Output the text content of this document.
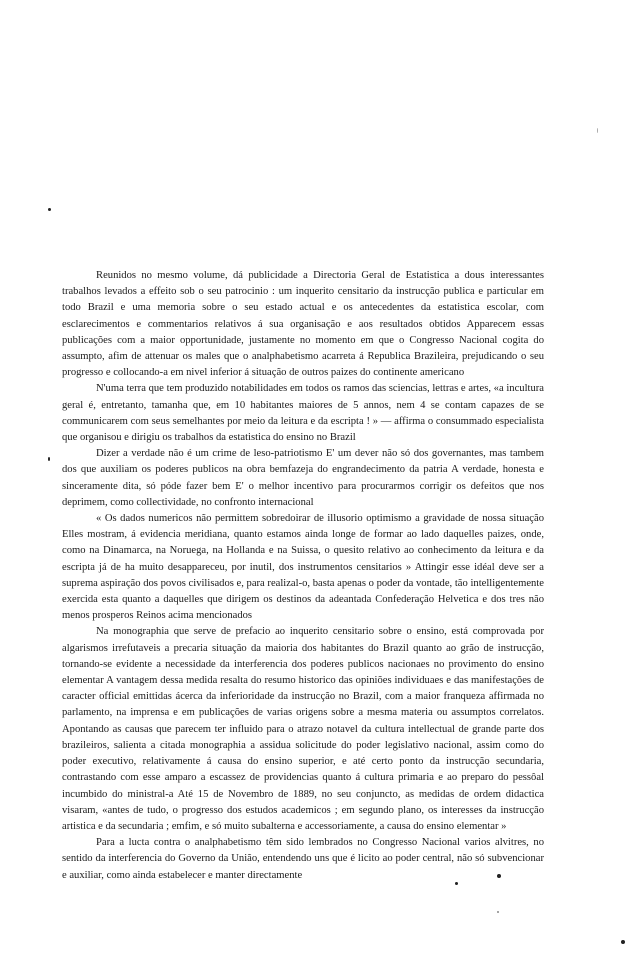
Reunidos no mesmo volume, dá publicidade a Directoria Geral de Estatistica a dous interessantes trabalhos levados a effeito sob o seu patrocinio : um inquerito censitario da instrucção publica e particular em todo Brazil e uma memoria sobre o seu estado actual e os antecedentes da estatistica escolar, com esclarecimentos e commentarios relativos á sua organisação e aos resultados obtidos Apparecem essas publicações com a maior opportunidade, justamente no momento em que o Congresso Nacional cogita do assumpto, afim de attenuar os males que o analphabetismo acarreta á Republica Brazileira, prejudicando o seu progresso e collocando-a em nivel inferior á situação de outros paizes do continente americano

N'uma terra que tem produzido notabilidades em todos os ramos das sciencias, lettras e artes, «a incultura geral é, entretanto, tamanha que, em 10 habitantes maiores de 5 annos, nem 4 se contam capazes de se communicarem com seus semelhantes por meio da leitura e da escripta ! » — affirma o consummado especialista que organisou e dirigiu os trabalhos da estatistica do ensino no Brazil

Dizer a verdade não é um crime de leso-patriotismo E' um dever não só dos governantes, mas tambem dos que auxiliam os poderes publicos na obra bemfazeja do engrandecimento da patria A verdade, honesta e sinceramente dita, só póde fazer bem E' o melhor incentivo para procurarmos corrigir os defeitos que nos deprimem, como collectividade, no confronto internacional

« Os dados numericos não permittem sobredoirar de illusorio optimismo a gravidade de nossa situação Elles mostram, á evidencia meridiana, quanto estamos ainda longe de formar ao lado daquelles paizes, onde, como na Dinamarca, na Noruega, na Hollanda e na Suissa, o quesito relativo ao conhecimento da leitura e da escripta já de ha muito desappareceu, por inutil, dos instrumentos censitarios » Attingir esse idéal deve ser a suprema aspiração dos povos civilisados e, para realizal-o, basta apenas o poder da vontade, tão intelligentemente exercida esta quanto a daquelles que dirigem os destinos da adeantada Confederação Helvetica e dos tres não menos prosperos Reinos acima mencionados

Na monographia que serve de prefacio ao inquerito censitario sobre o ensino, está comprovada por algarismos irrefutaveis a precaria situação da maioria dos habitantes do Brazil quanto ao grão de instrucção, tornando-se evidente a necessidade da interferencia dos poderes publicos nacionaes no provimento do ensino elementar A vantagem dessa medida resalta do resumo historico das opiniões individuaes e das manifestações de caracter official emittidas ácerca da inferioridade da instrucção no Brazil, com a maior franqueza affirmada no parlamento, na imprensa e em publicações de varias origens sobre a mesma materia ou assumptos correlatos. Apontando as causas que parecem ter influido para o atrazo notavel da cultura intellectual de grande parte dos brazileiros, salienta a citada monographia a assidua solicitude do poder legislativo nacional, assim como do poder executivo, relativamente á causa do ensino superior, e até certo ponto da instrucção secundaria, contrastando com esse amparo a escassez de providencias quanto á cultura primaria e ao preparo do pessôal incumbido do ministral-a Até 15 de Novembro de 1889, no seu conjuncto, as medidas de ordem didactica visaram, «antes de tudo, o progresso dos estudos academicos ; em segundo plano, os interesses da instrucção artistica e da secundaria ; emfim, e só muito subalterna e accessoriamente, a causa do ensino elementar »

Para a lucta contra o analphabetismo têm sido lembrados no Congresso Nacional varios alvitres, no sentido da interferencia do Governo da União, entendendo uns que é licito ao poder central, não só subvencionar e auxiliar, como ainda estabelecer e manter directamente
